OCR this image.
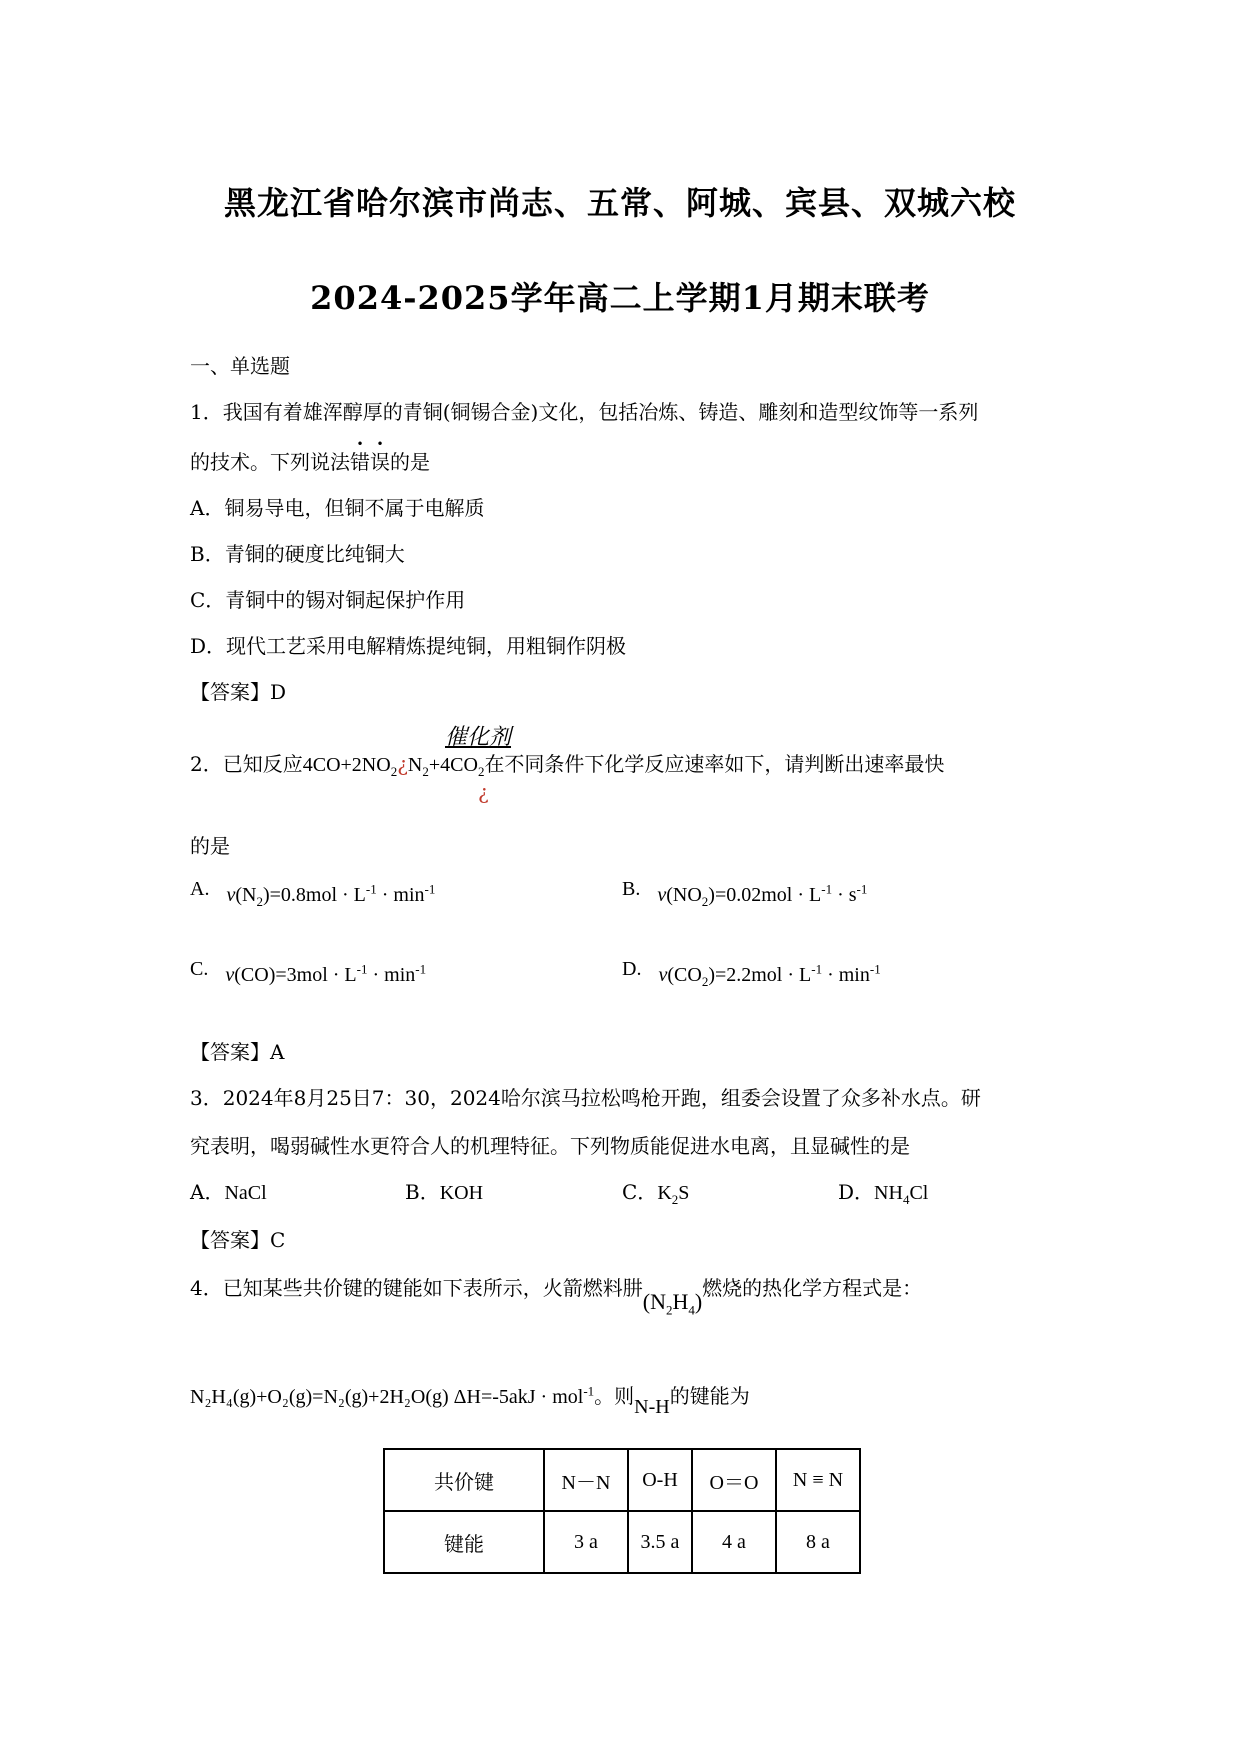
黑龙江省哈尔滨市尚志、五常、阿城、宾县、双城六校
2024-2025学年高二上学期1月期末联考
一、单选题
1．我国有着雄浑醇厚的青铜(铜锡合金)文化，包括冶炼、铸造、雕刻和造型纹饰等一系列
的技术。下列说法错误的是
A．铜易导电，但铜不属于电解质
B．青铜的硬度比纯铜大
C．青铜中的锡对铜起保护作用
D．现代工艺采用电解精炼提纯铜，用粗铜作阴极
【答案】D
催化剂
2．已知反应$4CO+2NO_2¿N_2+4CO_2$在不同条件下化学反应速率如下，请判断出速率最快
¿
的是
A. $v(N_2)=0.8mol \cdot L^{-1} \cdot \min^{-1}$	B. $v(NO_2)=0.02mol \cdot L^{-1} \cdot s^{-1}$
C. $v(CO)=3mol \cdot L^{-1} \cdot \min^{-1}$	D. $v(CO_2)=2.2mol \cdot L^{-1} \cdot \min^{-1}$
【答案】A
3．2024年8月25日7：30，2024哈尔滨马拉松鸣枪开跑，组委会设置了众多补水点。研
究表明，喝弱碱性水更符合人的机理特征。下列物质能促进水电离，且显碱性的是
A．NaCl	B．KOH	C．$K_2S$	D．$NH_4Cl$
【答案】C
4．已知某些共价键的键能如下表所示，火箭燃料肼$(N_2H_4)$燃烧的热化学方程式是：
N₂H₄(g)+O₂(g)=N₂(g)+2H₂O(g) ΔH=-5akJ · mol$^{-1}$。则N-H的键能为
共价键	N－N	O-H	O＝O	N ≡ N
键能	3 a	3.5 a	4 a	8 a
